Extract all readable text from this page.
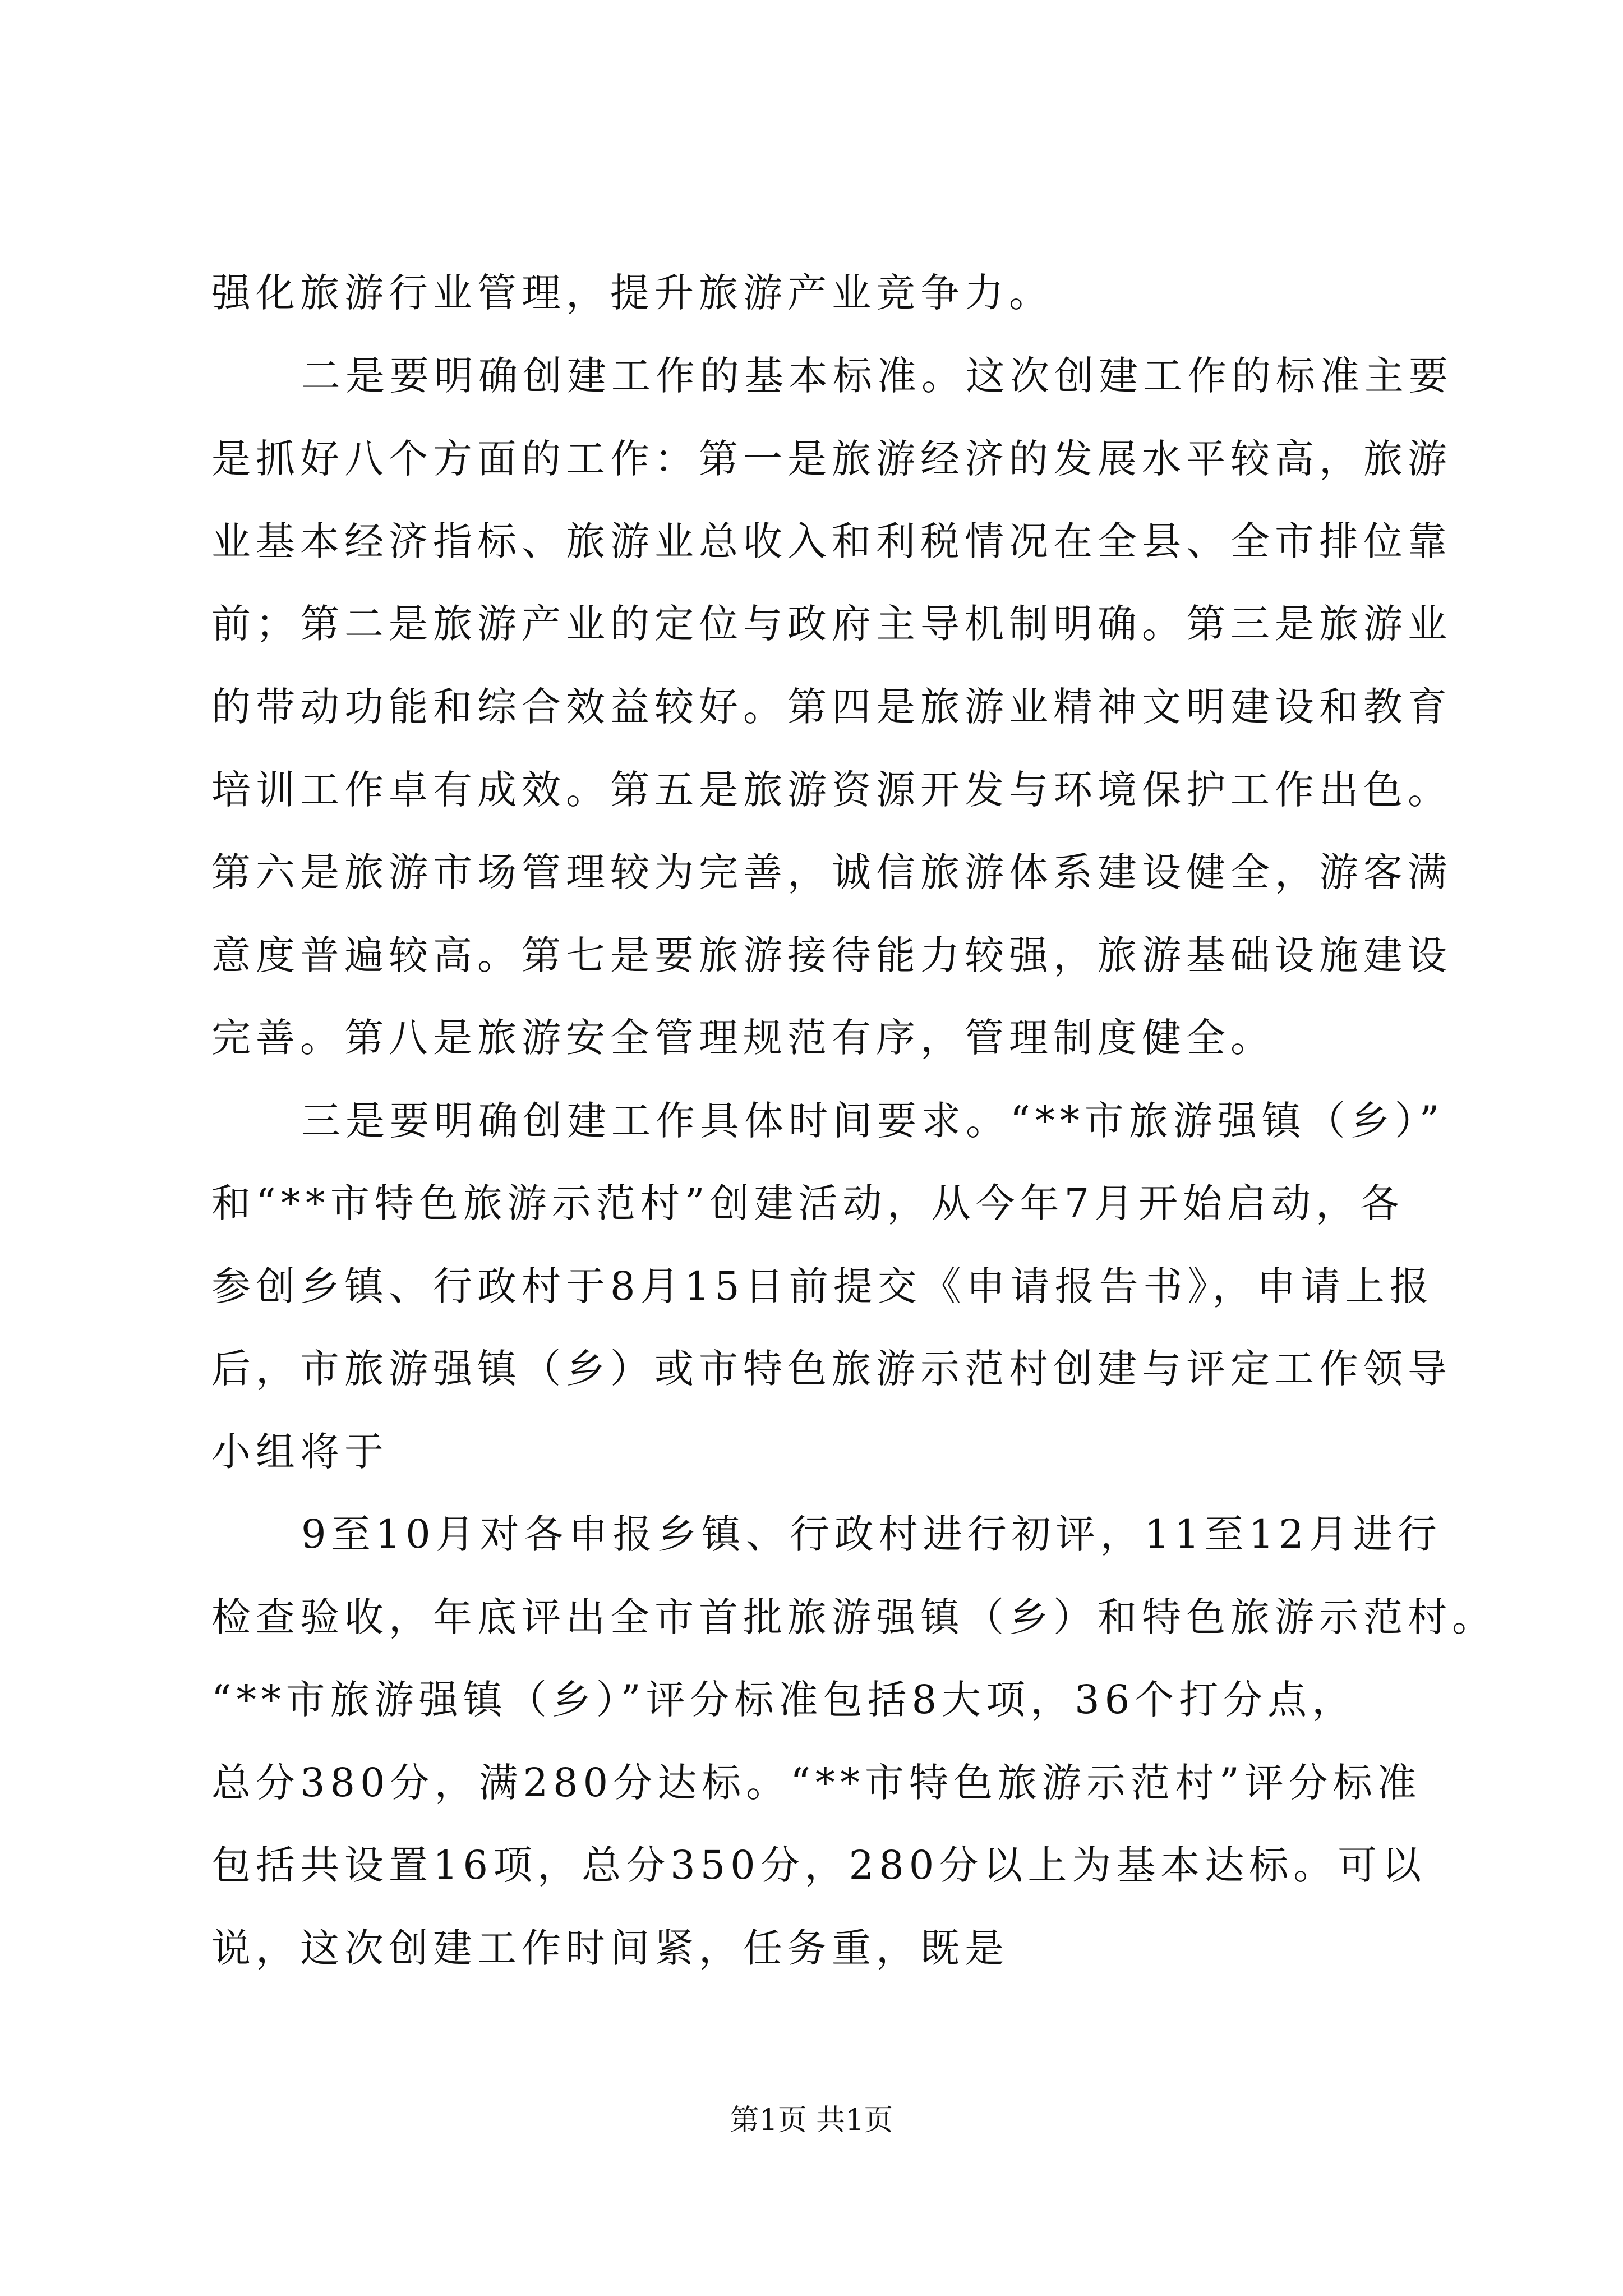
强化旅游行业管理，提升旅游产业竞争力。
二是要明确创建工作的基本标准。这次创建工作的标准主要
是抓好八个方面的工作：第一是旅游经济的发展水平较高，旅游
业基本经济指标、旅游业总收入和利税情况在全县、全市排位靠
前；第二是旅游产业的定位与政府主导机制明确。第三是旅游业
的带动功能和综合效益较好。第四是旅游业精神文明建设和教育
培训工作卓有成效。第五是旅游资源开发与环境保护工作出色。
第六是旅游市场管理较为完善，诚信旅游体系建设健全，游客满
意度普遍较高。第七是要旅游接待能力较强，旅游基础设施建设
完善。第八是旅游安全管理规范有序，管理制度健全。
三是要明确创建工作具体时间要求。“**市旅游强镇（乡）”
和“**市特色旅游示范村”创建活动，从今年7月开始启动，各
参创乡镇、行政村于8月15日前提交《申请报告书》，申请上报
后，市旅游强镇（乡）或市特色旅游示范村创建与评定工作领导
小组将于
9至10月对各申报乡镇、行政村进行初评，11至12月进行
检查验收，年底评出全市首批旅游强镇（乡）和特色旅游示范村。
“**市旅游强镇（乡）”评分标准包括8大项，36个打分点，
总分380分，满280分达标。“**市特色旅游示范村”评分标准
包括共设置16项，总分350分，280分以上为基本达标。可以
说，这次创建工作时间紧，任务重，既是
第1页 共1页
